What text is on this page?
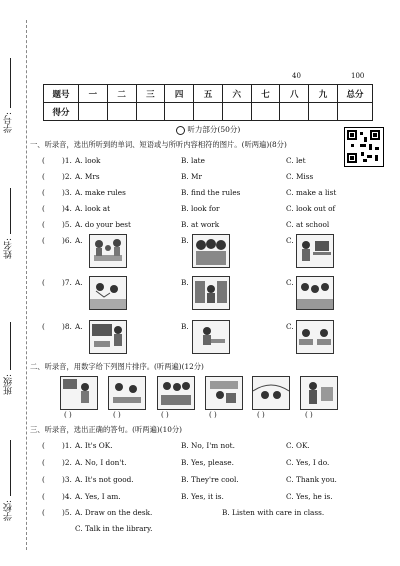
学号:
姓名:
班级:
学校:
40	100
题号	一	二	三	四	五	六	七	八	九	总分
得分										
听力部分(50分)
一、听录音，选出所听到的单词、短语或与所听内容相符的图片。(听两遍)(8分)
( )1. A. look	B. late	C. let
( )2. A. Mrs	B. Mr	C. Miss
( )3. A. make rules	B. find the rules	C. make a list
( )4. A. look at	B. look for	C. look out of
( )5. A. do your best	B. at work	C. at school
( )6. A.	B.	C.
( )7. A.	B.	C.
( )8. A.	B.	C.
二、听录音，用数字给下列图片排序。(听两遍)(12分)
( )	( )	( )	( )	( )	( )
三、听录音，选出正确的答句。(听两遍)(10分)
( )1. A. It's OK.	B. No, I'm not.	C. OK.
( )2. A. No, I don't.	B. Yes, please.	C. Yes, I do.
( )3. A. It's not good.	B. They're cool.	C. Thank you.
( )4. A. Yes, I am.	B. Yes, it is.	C. Yes, he is.
( )5. A. Draw on the desk.	B. Listen with care in class.
C. Talk in the library.
